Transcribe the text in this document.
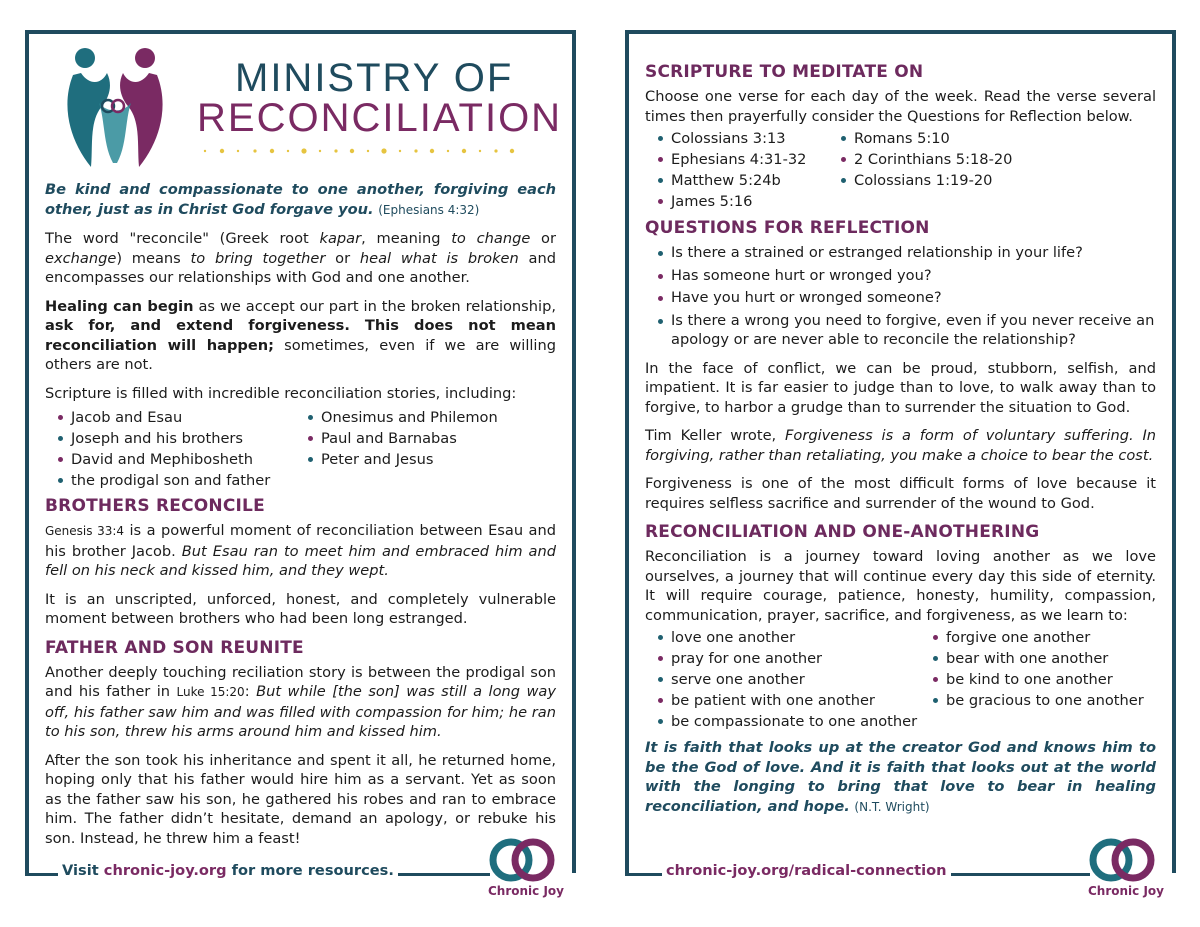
MINISTRY OF
RECONCILIATION

Be kind and compassionate to one another, forgiving each other, just as in Christ God forgave you. (Ephesians 4:32)

The word "reconcile" (Greek root kapar, meaning to change or exchange) means to bring together or heal what is broken and encompasses our relationships with God and one another.

Healing can begin as we accept our part in the broken relationship, ask for, and extend forgiveness. This does not mean reconciliation will happen; sometimes, even if we are willing others are not.

Scripture is filled with incredible reconciliation stories, including:

Jacob and Esau
Joseph and his brothers
David and Mephibosheth
the prodigal son and father
Onesimus and Philemon
Paul and Barnabas
Peter and Jesus
BROTHERS RECONCILE

Genesis 33:4 is a powerful moment of reconciliation between Esau and his brother Jacob. But Esau ran to meet him and embraced him and fell on his neck and kissed him, and they wept.

It is an unscripted, unforced, honest, and completely vulnerable moment between brothers who had been long estranged.

FATHER AND SON REUNITE

Another deeply touching reciliation story is between the prodigal son and his father in Luke 15:20: But while [the son] was still a long way off, his father saw him and was filled with compassion for him; he ran to his son, threw his arms around him and kissed him.

After the son took his inheritance and spent it all, he returned home, hoping only that his father would hire him as a servant. Yet as soon as the father saw his son, he gathered his robes and ran to embrace him. The father didn’t hesitate, demand an apology, or rebuke his son. Instead, he threw him a feast!

Visit chronic-joy.org for more resources.
Chronic Joy
SCRIPTURE TO MEDITATE ON

Choose one verse for each day of the week. Read the verse several times then prayerfully consider the Questions for Reflection below.

Colossians 3:13
Ephesians 4:31-32
Matthew 5:24b
James 5:16
Romans 5:10
2 Corinthians 5:18-20
Colossians 1:19-20
QUESTIONS FOR REFLECTION
Is there a strained or estranged relationship in your life?
Has someone hurt or wronged you?
Have you hurt or wronged someone?
Is there a wrong you need to forgive, even if you never receive an apology or are never able to reconcile the relationship?

In the face of conflict, we can be proud, stubborn, selfish, and impatient. It is far easier to judge than to love, to walk away than to forgive, to harbor a grudge than to surrender the situation to God.

Tim Keller wrote, Forgiveness is a form of voluntary suffering. In forgiving, rather than retaliating, you make a choice to bear the cost.

Forgiveness is one of the most difficult forms of love because it requires selfless sacrifice and surrender of the wound to God.

RECONCILIATION AND ONE-ANOTHERING

Reconciliation is a journey toward loving another as we love ourselves, a journey that will continue every day this side of eternity. It will require courage, patience, honesty, humility, compassion, communication, prayer, sacrifice, and forgiveness, as we learn to:

love one another
pray for one another
serve one another
be patient with one another
be compassionate to one another
forgive one another
bear with one another
be kind to one another
be gracious to one another

It is faith that looks up at the creator God and knows him to be the God of love. And it is faith that looks out at the world with the longing to bring that love to bear in healing reconciliation, and hope. (N.T. Wright)

chronic-joy.org/radical-connection
Chronic Joy
